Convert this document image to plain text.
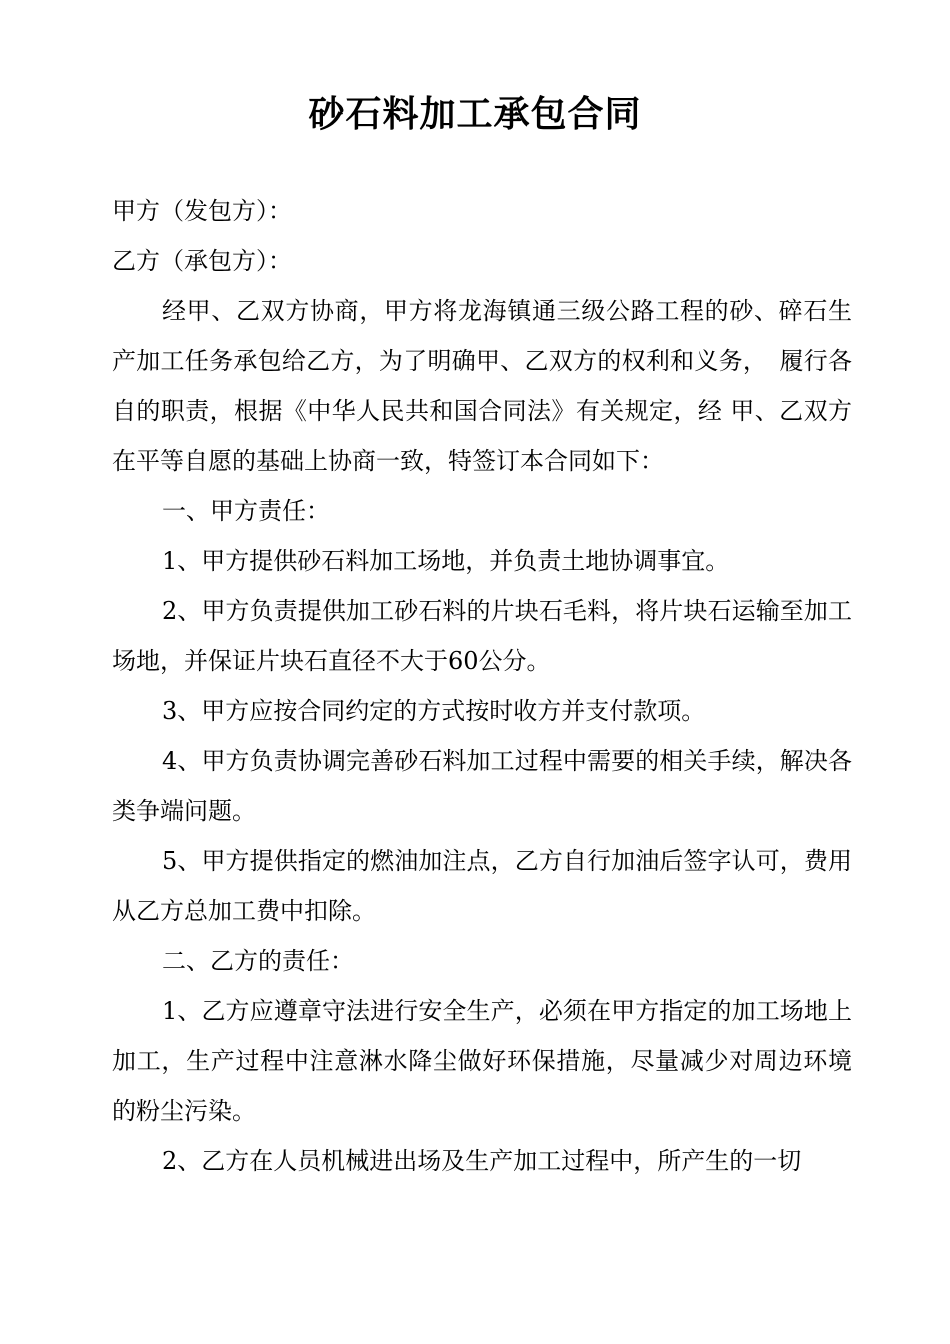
砂石料加工承包合同

甲方（发包方）：

乙方（承包方）：

经甲、乙双方协商，甲方将龙海镇通三级公路工程的砂、碎石生产加工任务承包给乙方，为了明确甲、乙双方的权利和义务，　履行各自的职责，根据《中华人民共和国合同法》有关规定，经 甲、乙双方在平等自愿的基础上协商一致，特签订本合同如下：

一、甲方责任：

1、甲方提供砂石料加工场地，并负责土地协调事宜。

2、甲方负责提供加工砂石料的片块石毛料，将片块石运输至加工场地，并保证片块石直径不大于60公分。

3、甲方应按合同约定的方式按时收方并支付款项。

4、甲方负责协调完善砂石料加工过程中需要的相关手续，解决各类争端问题。

5、甲方提供指定的燃油加注点，乙方自行加油后签字认可，费用从乙方总加工费中扣除。

二、乙方的责任：

1、乙方应遵章守法进行安全生产，必须在甲方指定的加工场地上加工，生产过程中注意淋水降尘做好环保措施，尽量减少对周边环境的粉尘污染。

2、乙方在人员机械进出场及生产加工过程中，所产生的一切
